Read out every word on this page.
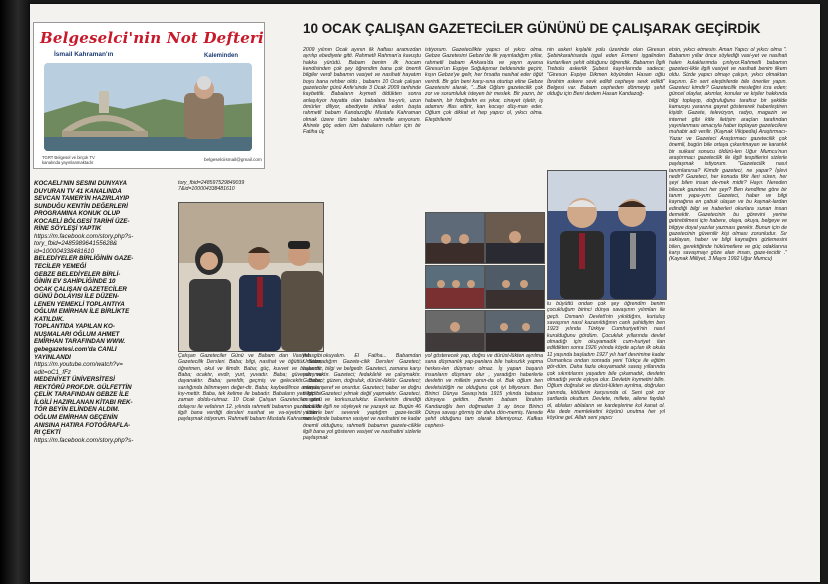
Belgeselci'nin Not Defteri
İsmail Kahraman'ın	Kaleminden
TGRT Belgesel ve birçok TV kanalında yayınlanmaktadır
belgeselciismail@gmail.com
10 OCAK ÇALIŞAN GAZETECİLER GÜNÜNÜ DE ÇALIŞARAK GEÇİRDİK
KOCAELİ'NİN SESİNİ DÜNYAYA
DUYURAN TV 41 KANALINDA
SEVCAN TAMER'İN HAZIRLAYIP
SUNDUĞU KENTİN DEĞERLERİ
PROGRAMINA KONUK OLUP
KOCAELİ BÖLGESİ TARİHİ ÜZE-
RİNE SÖYLEŞİ YAPTIK
https://m.facebook.com/story.php?s-
tory_fbid=248598964155628&
id=100004338481610
BELEDİYELER BİRLİĞİNİN GAZE-
TECİLER YEMEĞİ
GEBZE BELEDİYELER BİRLİ-
ĞİNİN EV SAHİPLİĞİNDE 10
OCAK ÇALIŞAN GAZETECİLER
GÜNÜ DOLAYISI İLE DÜZEN-
LENEN YEMEKLİ TOPLANTIYA
OĞLUM EMİRHAN İLE BİRLİKTE
KATILDIK.
TOPLANTIDA YAPILAN KO-
NUŞMALARI OĞLUM AHMET
EMİRHAN TARAFINDAN WWW.
gebegazetesi.com'da CANLI
YAYINLANDI
https://m.youtube.com/watch?v=
edit=oC1_fFz
MEDENİYET ÜNİVERSİTESİ
REKTÖRÜ PROF.DR. GÜLFETTİN
ÇELİK TARAFINDAN GEBZE İLE
İLGİLİ HAZIRLANAN KİTABI REK-
TÖR BEYİN ELİNDEN ALDIM.
OĞLUM EMİRHAN GEÇENİN
ANISINA HATIRA FOTOĞRAFLA-
RI ÇEKTİ
https://m.facebook.com/story.php?s-
tory_fbid=248597529849039 7&id=100004338481610
Çalışan Gazeteciler Günü ve Babam dan Vasiyet gibi Gazetecilik Dersleri. Baba; bilgi, nasihat ve öğüttür. Baba; öğretmen, okul ve ilimdir. Baba; güç, kuvvet ve başarıdır. Baba; ocaktır, evdir, yurt, yuvadır. Baba; güvendir ve dayanaktır. Baba; şerefdir, geçmiş ve gelecektir. Baba; sarılığında bilinmeyen değer-dir. Baba; kaybedilince anlaşılan kıy-mettir. Baba, tek kelime ile babadır. Babaların yeri hiç bir zaman doldu-rulmaz. 10 Ocak Çalışan Gazeteciler günü dolayısı ile vefatının 12. yılında rahmetli babamın gazetecilikle ilgili bana verdiği dersleri nasihat ve va-siyetini sizlerle paylaşmak istiyorum. Rahmetli babam Mustafa Kahraman
2009 yılının Ocak ayının ilk haftası aramızdan ayrılıp ebediyete gitti. Rahmetli Rahman'a kavuştu hakka yürüdü. Babam benim ilk hocam kendisinden çok şey öğrendim bana çok önemli bilgiler verdi babamın vasiyet ve nasihati hayatım boyu bana rehber oldu , babamı 10 Ocak çalışan gazeteciler günü Anfe'sinde 3 Ocak 2009 tarihinde kaybettik. Babaların kıymeti öldükten sonra anlaşılıyor hayatta olan babalara ha-yırlı, uzun ömürler diliyor, ebediyete intikal eden başta rahmetli babam Kandazoğlu Mustafa Kahraman olmak üzere tüm babaları rahmetle anıyorum. Ahirete göç eden tüm babaların ruhları için bir Fatiha üç
İhlas okuyalım. El Fatiha... Babamdan Unutamadığım Gazete-cilik Dersleri Gazeteci; haberdir, bilgi ve belgedir. Gazeteci, zamana karşı yarışmaktır. Gazeteci; fedakârlık ve çalışmaktır. Gazeteci; güzen, doğruluk, dürüst-lüktür. Gazeteci; namus, şeref ve onurdur. Gazeteci; haber ve doğru bilgidir. Gazeteci yılmak değil yapmaktır. Gazeteci, cesaret ve korkusuzluktur. Eserlerinin dinediği baba ile ilgili ne söyleyek ne yazayık az. Bugün 46 yıldan beri severek yaptığım gaze-tecilik mesleğinde babamın vasiyet ve nasihatini ne kadar önemli olduğunu, rahmetli babamın gazete-cilikle ilgili bana yol gösteren vasiyet ve nasihatini sizlerle paylaşmak
istiyorum. Gazetecilikte yapıcı ol yıkıcı olma. Gebze Gazetesini Gebze'de ilk yayınladığım yıllar, rahmetli babam Ankara'da ve yayın ayanıa Giresun'un Espiye Soğukpınar beldesinde geçirir, kışın Gebze'ye gelir, her fırsatta nasihat eder öğüt verirdi. Bir gün beni karşı-sına oturtup eline Gebze Gazetesini alarak, "...Bak Oğlum gazetecilik çok zor ve sorumluluk isteyen bir meslek. Bir yazın, bir haberin, bir fotoğrafın es yıkar, cinayet işletir, iş adamını iflas ettirir, kan kocayı düş-man eder. Oğlum çok dikkat et hep yapıcı ol, yıkıcı olma. Eleştirilerini
yol gösterecek yap, doğru ve dürüst-lükten ayrılma sana düşmanlık yap-panlara bile haksızlık yapma herkes-len düşmanı olmaz. İş yapan başarılı insanların düşmanı olur , yaradığın haberlerle devletin ve milletin yanın-da ol. Bak oğlum ben devletsizliğin ne olduğunu çok iyi biliyorum. Ben Birinci Dünya Savaşı'nda 1915 yılında babasız dünyaya geldim. Benim babam İbrahim Kandazoğlu ben doğmadan 3 ay önce Birinci Dünya savaşı görmiş bir daha dön-memiş. Nerede şehit olduğunu tam olarak bilemiyoruz. Kafkas cephesi-
nin askeri kışlalık yolu üzerinde olan Giresun Şebinkarahisarda işgal eden Ermeni işgalinden kurtarılken şehit olduğunu öğrendik. Babamın İlgili Trebolu askerlik Şubesi kayıt-larında sadece; "Giresun Espiye Dikmen köyünden Hasan oğlu İbrahim askere sevk edildi cepheye sevk edildi" Belgesi var. Babam cepheden dönmeyip şehit olduğu için Beni dedem Hasan Kandazoğ-
lu büyüttü ondan çok şey öğrendim benim çocukluğum birinci dünya savaşının yılımları ile geçti. Osmanlı Devleti'nin yıkıldığını, kurtuluş savaşının nasıl kazanıldığının canlı şahidiyim ben 1923 yılında Türkiye Cumhuriyeti'nin nasıl kurulduğunu gördüm. Çocukluk yıllarında devlet olmadığı için okuyamadık cum-huriyet ilan edildikten sonra 1926 yılında köyde açılan ilk okula 11 yaşında başladım 1927 yılı harf devrimine kadar Osmanlıca ondan sonrada yeni Türkçe ile eğitim gör-düm. Daha fazla okuyamadık savaş yıllarında çok sıkıntılarını yaşadım bile çıkamadık, devletin olmadığı yerde eşkıya olur. Devletin kıymetini bilin. Oğlum doğruluk ve dürüst-lükten ayrılma, doğruları yanında, kötülerin karşısında ol. Seni çok zor şartlarda okuttum. Devlete, millete, ailene faydalı ol, ablaları ablaların ve kardeşlerine kol kanat ol. Ata dede memleketini köyünü unutma her yıl köyüne gel. Allah seni yapıcı
etsin, yıkıcı etmesin. Aman Yapıcı ol yıkıcı olma ". Babamın yıllar önce söylediği vasi-yet ve nasihati halen kulaklarımda çınlıyor.Rahmetli babamın gazeteci-likle ilgili vasiyet ve nasihati benim ilkem oldu. Sizde yapıcı olmayı çalışın, yıkıcı olmaktan kaçının. En sert eleştirilerde bile öneriler yapın. Gazeteci kimdir? Gazetecilik mesleğini icra eden; güncel olaylar, akımlar, konular ve kişiler hakkında bilgi toplayıp, doğruluğunu tarafsız bir şekilde kamuoyu yararına gayret göstererek haberleştiren kişidir. Gazete, televizyon, radyo, magazin ve internet gibi kitle iletişim araçları tarafından yayınlanması amacıyla haber toplayan gazetecilere muhabir adı verilir. (Kaynak Vikipedia) Araştırmacı-Yazar ve Gazeteci Araştırmacı gazetecilik çok önemli, bugün bile ortaya çıkarılmayan ve karanlık bir suikast sonucu öldürü-len Uğur Mumcu'nun araştırmacı gazetecilik ile ilgili tespitlerini sizlerle paylaşmak istiyorum. "Gazetecilik nasıl tanımlanırsa? Kimdir gazeteci, ne yapar? İşlevi nedir? Gazeteci, her konuda fikir ileri süren, her şeyi bilen insan de-mek midir? Hayır. Nereden bilecek gazeteci her şeyi? Ben kendilme göre bir tanım yapa-yım: Gazeteci, haber ve bilgi kaynağına en çabuk ulaşan ve bu kaynak-lardan edindiği bilgi ve haberleri okurlara sunan insan demektir. Gazetecinin bu görevini yerine getirebilmesi için habere, olaya, okuya, belgeye ve bilgiye doyal yazılar yazması gerekir. Bunun için de gazetecinin güvenilir kişi olması zorunludur. Sır saklayan, haber ve bilgi kaynağını gizlemesini bilen, gerektiğinde hükümetlere ve güç odaklarına karşı savaşmayı göze alan insan, gaze-tecidir ." (Kaynak Milliyet, 3 Mayıs 1992 Uğur Mumcu)
